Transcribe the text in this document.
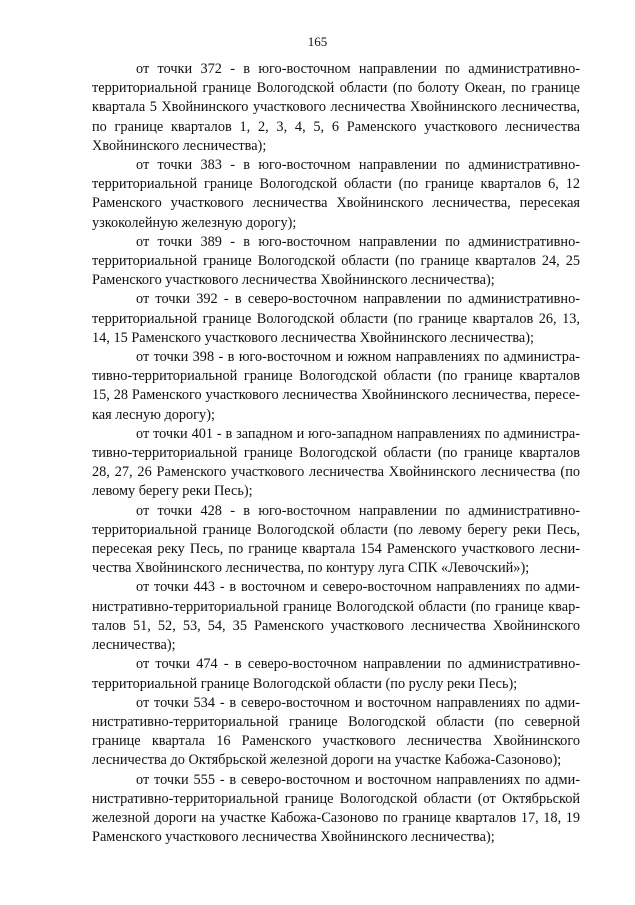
165

от точки 372 - в юго-восточном направлении по административно-территориальной границе Вологодской области (по болоту Океан, по границе квартала 5 Хвойнинского участкового лесничества Хвойнинского лесничества, по границе кварталов 1, 2, 3, 4, 5, 6 Раменского участкового лесничества Хвойнинского лесничества);

от точки 383 - в юго-восточном направлении по административно-территориальной границе Вологодской области (по границе кварталов 6, 12 Раменского участкового лесничества Хвойнинского лесничества, пересекая узкоколейную железную дорогу);

от точки 389 - в юго-восточном направлении по административно-территориальной границе Вологодской области (по границе кварталов 24, 25 Раменского участкового лесничества Хвойнинского лесничества);

от точки 392 - в северо-восточном направлении по административно-территориальной границе Вологодской области (по границе кварталов 26, 13, 14, 15 Раменского участкового лесничества Хвойнинского лесничества);

от точки 398 - в юго-восточном и южном направлениях по административно-территориальной границе Вологодской области (по границе кварталов 15, 28 Раменского участкового лесничества Хвойнинского лесничества, пересекая лесную дорогу);

от точки 401 - в западном и юго-западном направлениях по административно-территориальной границе Вологодской области (по границе кварталов 28, 27, 26 Раменского участкового лесничества Хвойнинского лесничества (по левому берегу реки Песь);

от точки 428 - в юго-восточном направлении по административно-территориальной границе Вологодской области (по левому берегу реки Песь, пересекая реку Песь, по границе квартала 154 Раменского участкового лесничества Хвойнинского лесничества, по контуру луга СПК «Левочский»);

от точки 443 - в восточном и северо-восточном направлениях по административно-территориальной границе Вологодской области (по границе кварталов 51, 52, 53, 54, 35 Раменского участкового лесничества Хвойнинского лесничества);

от точки 474 - в северо-восточном направлении по административно-территориальной границе Вологодской области (по руслу реки Песь);

от точки 534 - в северо-восточном и восточном направлениях по административно-территориальной границе Вологодской области (по северной границе квартала 16 Раменского участкового лесничества Хвойнинского лесничества до Октябрьской железной дороги на участке Кабожа-Сазоново);

от точки 555 - в северо-восточном и восточном направлениях по административно-территориальной границе Вологодской области (от Октябрьской железной дороги на участке Кабожа-Сазоново по границе кварталов 17, 18, 19 Раменского участкового лесничества Хвойнинского лесничества);
